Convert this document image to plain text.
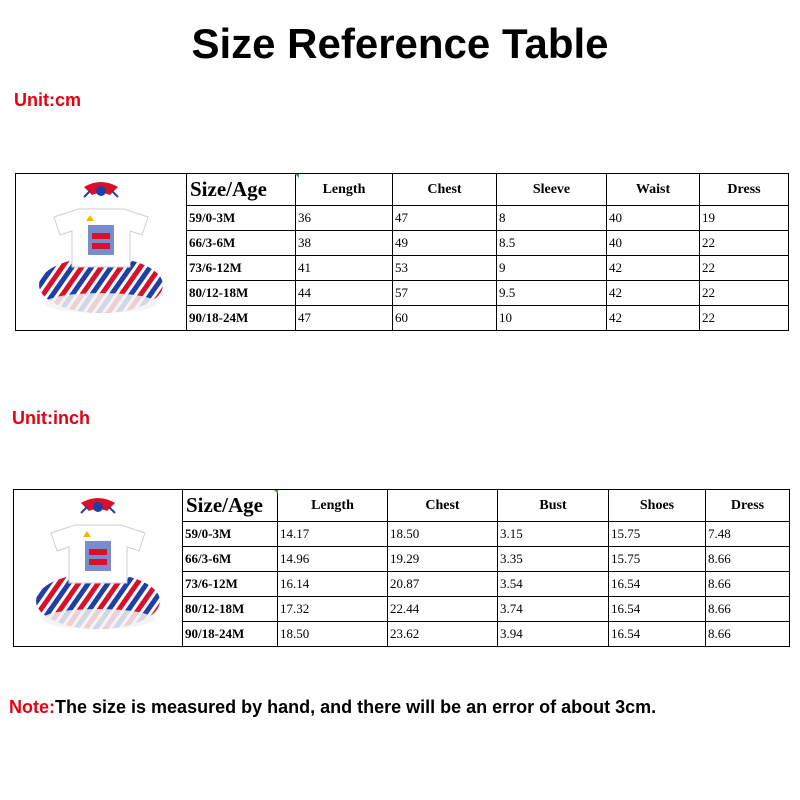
Size Reference Table
Unit:cm
	Size/Age	Length	Chest	Sleeve	Waist	Dress
	59/0-3M	36	47	8	40	19
	66/3-6M	38	49	8.5	40	22
	73/6-12M	41	53	9	42	22
	80/12-18M	44	57	9.5	42	22
	90/18-24M	47	60	10	42	22
Unit:inch
	Size/Age	Length	Chest	Bust	Shoes	Dress
	59/0-3M	14.17	18.50	3.15	15.75	7.48
	66/3-6M	14.96	19.29	3.35	15.75	8.66
	73/6-12M	16.14	20.87	3.54	16.54	8.66
	80/12-18M	17.32	22.44	3.74	16.54	8.66
	90/18-24M	18.50	23.62	3.94	16.54	8.66
Note:The size is measured by hand, and there will be an error of about 3cm.
